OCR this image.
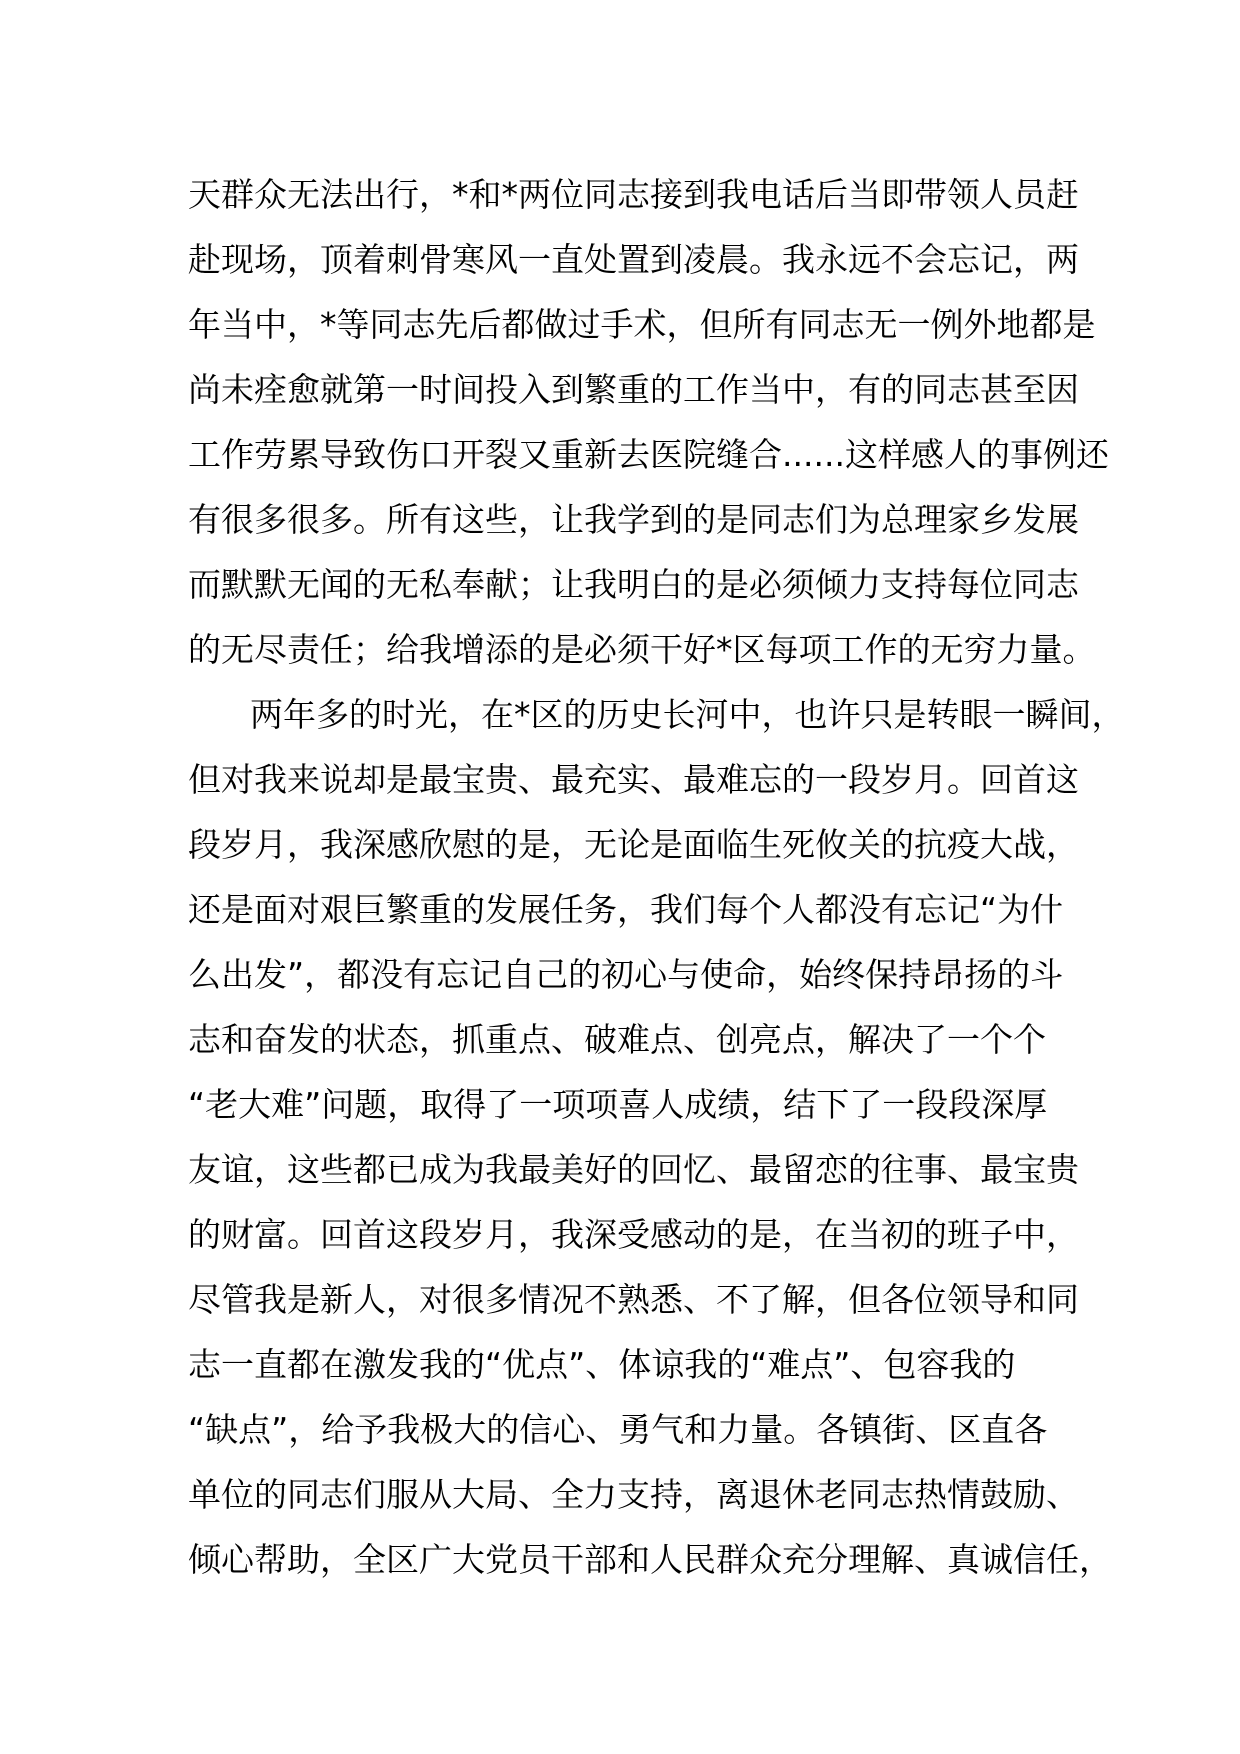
天群众无法出行，*和*两位同志接到我电话后当即带领人员赶
赴现场，顶着刺骨寒风一直处置到凌晨。我永远不会忘记，两
年当中，*等同志先后都做过手术，但所有同志无一例外地都是
尚未痊愈就第一时间投入到繁重的工作当中，有的同志甚至因
工作劳累导致伤口开裂又重新去医院缝合......这样感人的事例还
有很多很多。所有这些，让我学到的是同志们为总理家乡发展
而默默无闻的无私奉献；让我明白的是必须倾力支持每位同志
的无尽责任；给我增添的是必须干好*区每项工作的无穷力量。
两年多的时光，在*区的历史长河中，也许只是转眼一瞬间，
但对我来说却是最宝贵、最充实、最难忘的一段岁月。回首这
段岁月，我深感欣慰的是，无论是面临生死攸关的抗疫大战，
还是面对艰巨繁重的发展任务，我们每个人都没有忘记“为什
么出发”，都没有忘记自己的初心与使命，始终保持昂扬的斗
志和奋发的状态，抓重点、破难点、创亮点，解决了一个个
“老大难”问题，取得了一项项喜人成绩，结下了一段段深厚
友谊，这些都已成为我最美好的回忆、最留恋的往事、最宝贵
的财富。回首这段岁月，我深受感动的是，在当初的班子中，
尽管我是新人，对很多情况不熟悉、不了解，但各位领导和同
志一直都在激发我的“优点”、体谅我的“难点”、包容我的
“缺点”，给予我极大的信心、勇气和力量。各镇街、区直各
单位的同志们服从大局、全力支持，离退休老同志热情鼓励、
倾心帮助，全区广大党员干部和人民群众充分理解、真诚信任，
